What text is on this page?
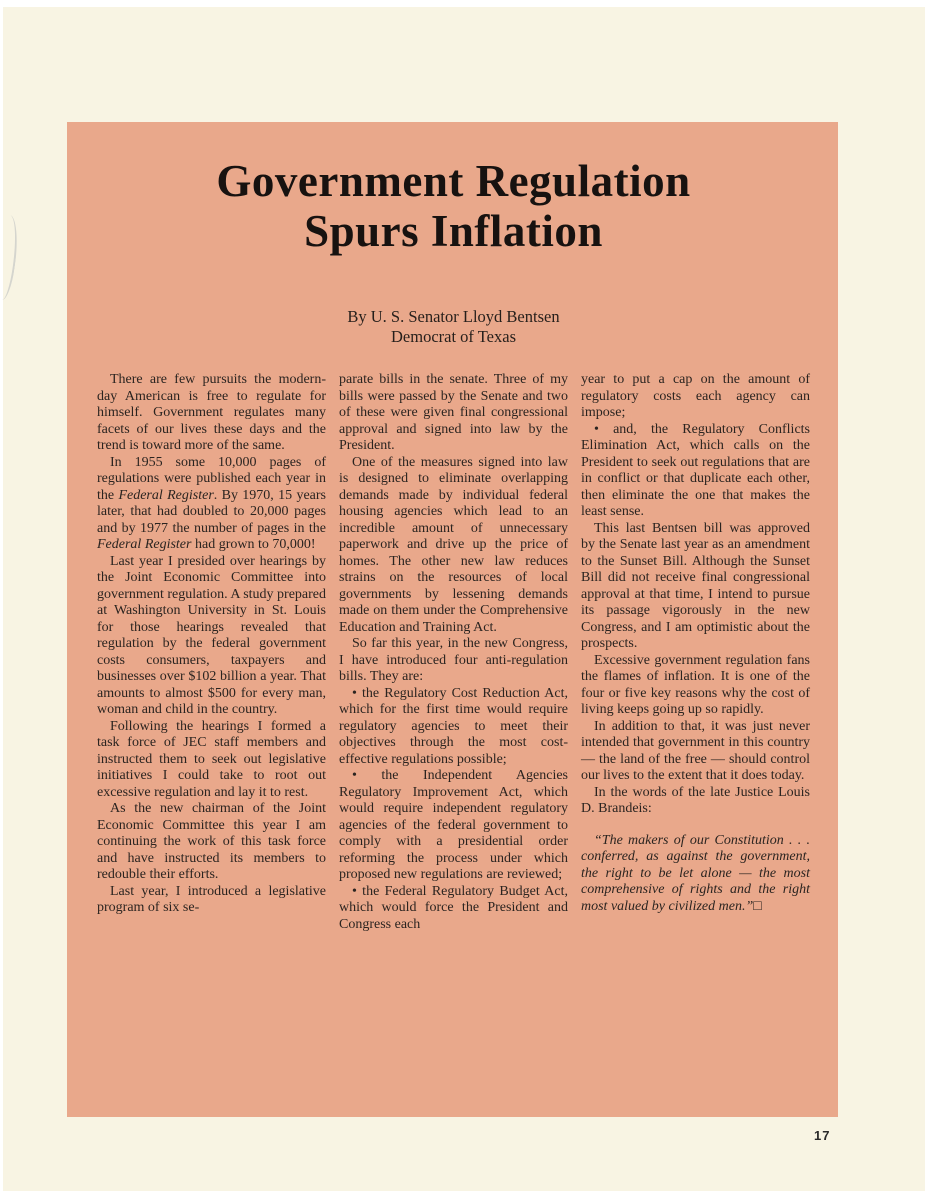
Government Regulation
Spurs Inflation
By U. S. Senator Lloyd Bentsen
Democrat of Texas

There are few pursuits the modern-day American is free to regulate for himself. Government regulates many facets of our lives these days and the trend is toward more of the same.

In 1955 some 10,000 pages of regulations were published each year in the Federal Register. By 1970, 15 years later, that had doubled to 20,000 pages and by 1977 the number of pages in the Federal Register had grown to 70,000!

Last year I presided over hearings by the Joint Economic Committee into government regulation. A study prepared at Washington University in St. Louis for those hearings revealed that regulation by the federal government costs consumers, taxpayers and businesses over $102 billion a year. That amounts to almost $500 for every man, woman and child in the country.

Following the hearings I formed a task force of JEC staff members and instructed them to seek out legislative initiatives I could take to root out excessive regulation and lay it to rest.

As the new chairman of the Joint Economic Committee this year I am continuing the work of this task force and have instructed its members to redouble their efforts.

Last year, I introduced a legislative program of six se-

parate bills in the senate. Three of my bills were passed by the Senate and two of these were given final congressional approval and signed into law by the President.

One of the measures signed into law is designed to eliminate overlapping demands made by individual federal housing agencies which lead to an incredible amount of unnecessary paperwork and drive up the price of homes. The other new law reduces strains on the resources of local governments by lessening demands made on them under the Comprehensive Education and Training Act.

So far this year, in the new Congress, I have introduced four anti-regulation bills. They are:

• the Regulatory Cost Reduction Act, which for the first time would require regulatory agencies to meet their objectives through the most cost-effective regulations possible;

• the Independent Agencies Regulatory Improvement Act, which would require independent regulatory agencies of the federal government to comply with a presidential order reforming the process under which proposed new regulations are reviewed;

• the Federal Regulatory Budget Act, which would force the President and Congress each

year to put a cap on the amount of regulatory costs each agency can impose;

• and, the Regulatory Conflicts Elimination Act, which calls on the President to seek out regulations that are in conflict or that duplicate each other, then eliminate the one that makes the least sense.

This last Bentsen bill was approved by the Senate last year as an amendment to the Sunset Bill. Although the Sunset Bill did not receive final congressional approval at that time, I intend to pursue its passage vigorously in the new Congress, and I am optimistic about the prospects.

Excessive government regulation fans the flames of inflation. It is one of the four or five key reasons why the cost of living keeps going up so rapidly.

In addition to that, it was just never intended that government in this country — the land of the free — should control our lives to the extent that it does today.

In the words of the late Justice Louis D. Brandeis:

“The makers of our Constitution . . . conferred, as against the government, the right to be let alone — the most comprehensive of rights and the right most valued by civilized men.”□

17
